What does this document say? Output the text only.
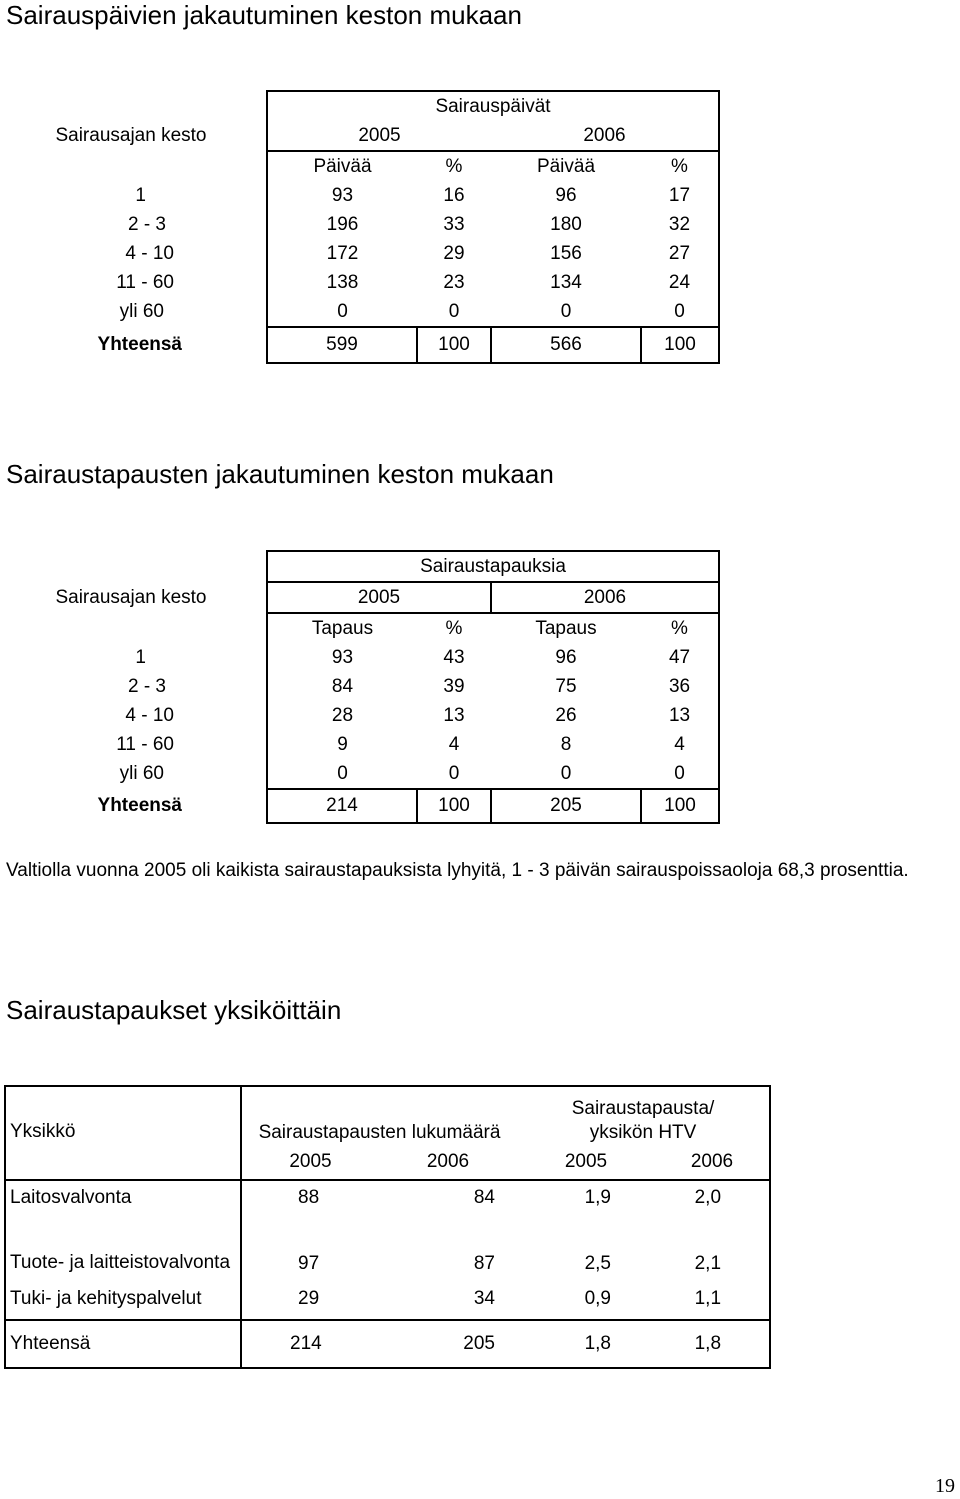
Sairauspäivien jakautuminen keston mukaan
	Sairauspäivät			
Sairausajan kesto	2005		2006	
	Päivää	%	Päivää	%
1	93	16	96	17
2 - 3	196	33	180	32
4 - 10	172	29	156	27
11 - 60	138	23	134	24
yli 60	0	0	0	0
Yhteensä	599	100	566	100
Sairaustapausten jakautuminen keston mukaan
	Sairaustapauksia			
Sairausajan kesto	2005		2006	
	Tapaus	%	Tapaus	%
1	93	43	96	47
2 - 3	84	39	75	36
4 - 10	28	13	26	13
11 - 60	9	4	8	4
yli 60	0	0	0	0
Yhteensä	214	100	205	100
Valtiolla vuonna 2005 oli kaikista sairaustapauksista lyhyitä, 1 - 3 päivän sairauspoissaoloja 68,3 prosenttia.
Sairaustapaukset yksiköittäin
Yksikkö	Sairaustapausten lukumäärä		Sairaustapausta/ yksikön HTV	
	2005	2006	2005	2006
Laitosvalvonta	88	84	1,9	2,0
Tuote- ja laitteistovalvonta	97	87	2,5	2,1
Tuki- ja kehityspalvelut	29	34	0,9	1,1
Yhteensä	214	205	1,8	1,8
19
